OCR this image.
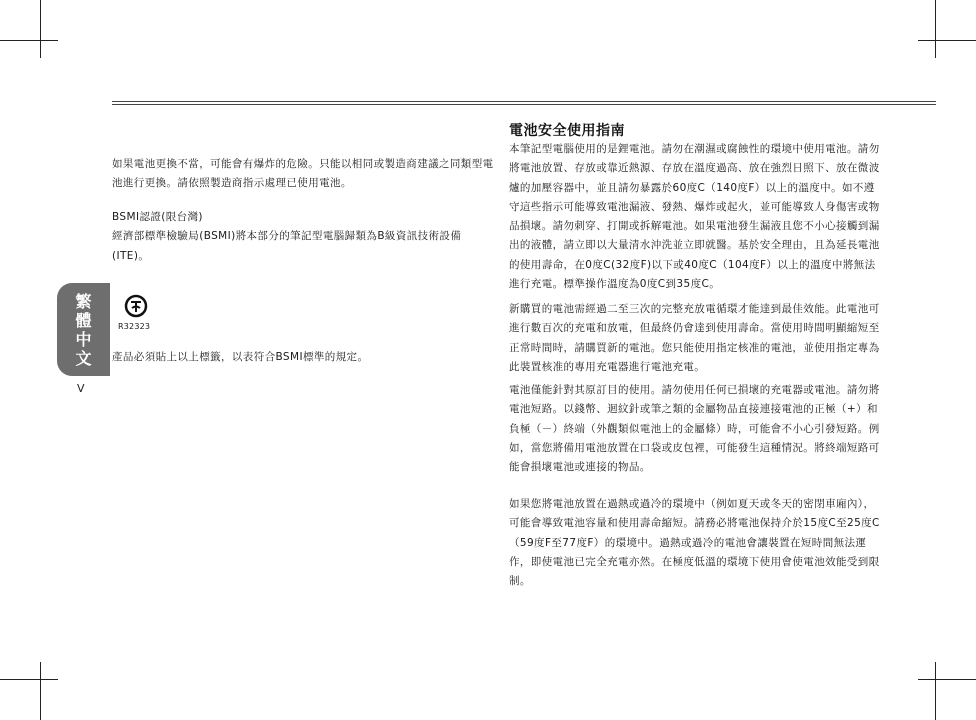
如果電池更換不當，可能會有爆炸的危險。只能以相同或製造商建議之同類型電池進行更換。請依照製造商指示處理已使用電池。

BSMI認證(限台灣)

經濟部標準檢驗局(BSMI)將本部分的筆記型電腦歸類為B級資訊技術設備(ITE)。

R32323

產品必須貼上以上標籤，以表符合BSMI標準的規定。

繁
體
中
文
V
電池安全使用指南

本筆記型電腦使用的是鋰電池。請勿在潮濕或腐蝕性的環境中使用電池。請勿將電池放置、存放或靠近熱源、存放在溫度過高、放在強烈日照下、放在微波爐的加壓容器中，並且請勿暴露於60度C（140度F）以上的溫度中。如不遵守這些指示可能導致電池漏液、發熱、爆炸或起火，並可能導致人身傷害或物品損壞。請勿刺穿、打開或拆解電池。如果電池發生漏液且您不小心接觸到漏出的液體，請立即以大量清水沖洗並立即就醫。基於安全理由，且為延長電池的使用壽命，在0度C(32度F)以下或40度C（104度F）以上的溫度中將無法進行充電。標準操作溫度為0度C到35度C。

新購買的電池需經過二至三次的完整充放電循環才能達到最佳效能。此電池可進行數百次的充電和放電，但最終仍會達到使用壽命。當使用時間明顯縮短至正常時間時，請購買新的電池。您只能使用指定核准的電池，並使用指定專為此裝置核准的專用充電器進行電池充電。

電池僅能針對其原訂目的使用。請勿使用任何已損壞的充電器或電池。請勿將電池短路。以錢幣、迴紋針或筆之類的金屬物品直接連接電池的正極（+）和負極（－）終端（外觀類似電池上的金屬條）時，可能會不小心引發短路。例如，當您將備用電池放置在口袋或皮包裡，可能發生這種情況。將終端短路可能會損壞電池或連接的物品。

如果您將電池放置在過熱或過冷的環境中（例如夏天或冬天的密閉車廂內），可能會導致電池容量和使用壽命縮短。請務必將電池保持介於15度C至25度C（59度F至77度F）的環境中。過熱或過冷的電池會讓裝置在短時間無法運作，即使電池已完全充電亦然。在極度低溫的環境下使用會使電池效能受到限制。
